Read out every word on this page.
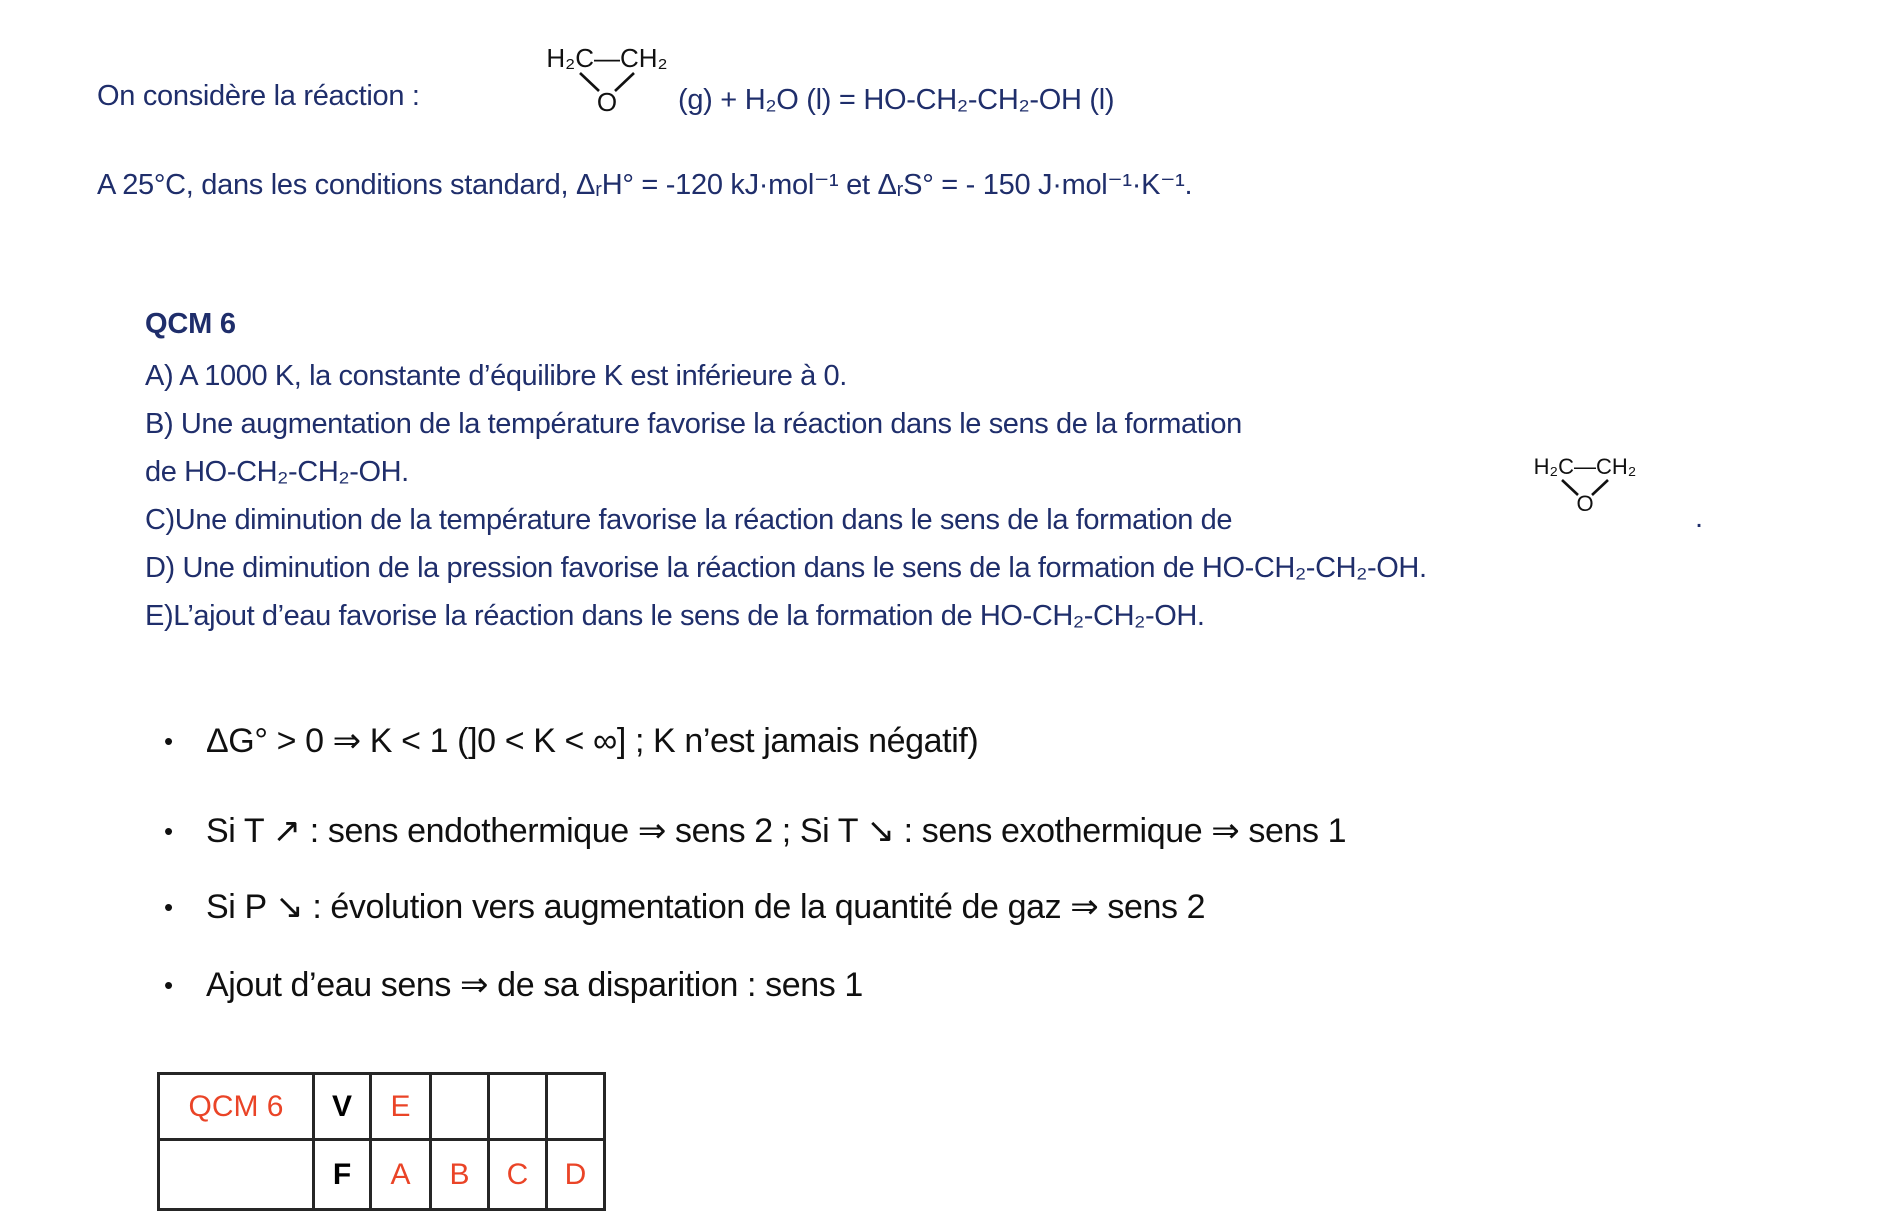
On considère la réaction :
H₂C—CH₂
O (g) + H₂O (l) = HO-CH₂-CH₂-OH (l)
A 25°C, dans les conditions standard, ΔᵣH° = -120 kJ·mol⁻¹ et ΔᵣS° = - 150 J·mol⁻¹·K⁻¹.
QCM 6
A) A 1000 K, la constante d’équilibre K est inférieure à 0.
B) Une augmentation de la température favorise la réaction dans le sens de la formation
de HO-CH₂-CH₂-OH.
C)Une diminution de la température favorise la réaction dans le sens de la formation de
D) Une diminution de la pression favorise la réaction dans le sens de la formation de HO-CH₂-CH₂-OH.
E)L’ajout d’eau favorise la réaction dans le sens de la formation de HO-CH₂-CH₂-OH.
H₂C—CH₂
O	.
• ΔG° > 0 ⇒ K < 1 (]0 < K < ∞] ; K n’est jamais négatif)
• Si T ↗ : sens endothermique ⇒ sens 2 ; Si T ↘ : sens exothermique ⇒ sens 1
• Si P ↘ : évolution vers augmentation de la quantité de gaz ⇒ sens 2
• Ajout d’eau sens ⇒ de sa disparition : sens 1
QCM 6	V	E			
	F	A	B	C	D
